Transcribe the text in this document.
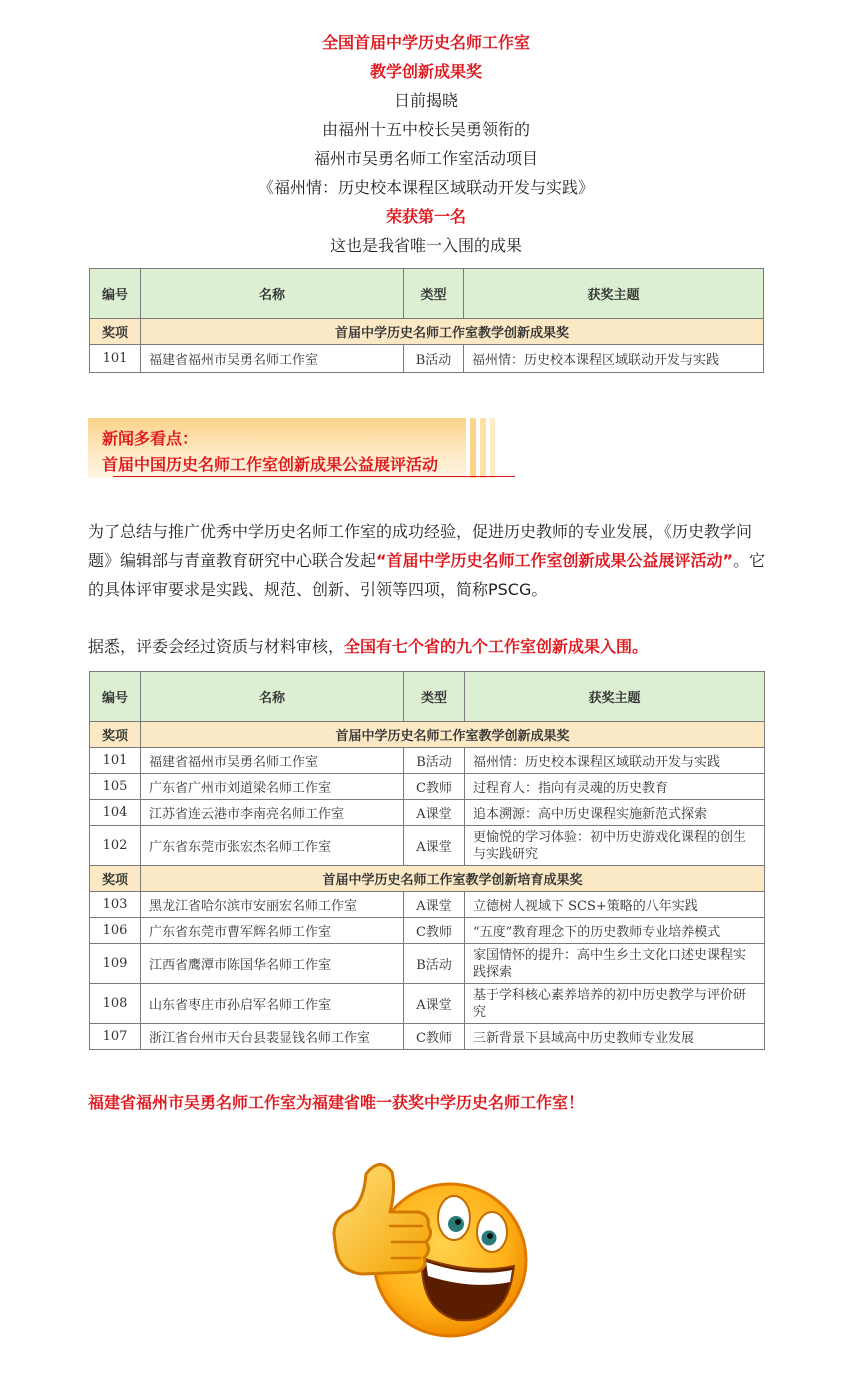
全国首届中学历史名师工作室
教学创新成果奖
日前揭晓
由福州十五中校长吴勇领衔的
福州市吴勇名师工作室活动项目
《福州情：历史校本课程区域联动开发与实践》
荣获第一名
这也是我省唯一入围的成果
编号	名称	类型	获奖主题
奖项	首届中学历史名师工作室教学创新成果奖		
101	福建省福州市吴勇名师工作室	B活动	福州情：历史校本课程区域联动开发与实践

新闻多看点：
首届中国历史名师工作室创新成果公益展评活动
为了总结与推广优秀中学历史名师工作室的成功经验，促进历史教师的专业发展，《历史教学问题》编辑部与青童教育研究中心联合发起“首届中学历史名师工作室创新成果公益展评活动”。它的具体评审要求是实践、规范、创新、引领等四项，简称PSCG。
据悉，评委会经过资质与材料审核，全国有七个省的九个工作室创新成果入围。
编号	名称	类型	获奖主题
奖项	首届中学历史名师工作室教学创新成果奖		
101	福建省福州市吴勇名师工作室	B活动	福州情：历史校本课程区域联动开发与实践
105	广东省广州市刘道梁名师工作室	C教师	过程育人：指向有灵魂的历史教育
104	江苏省连云港市李南亮名师工作室	A课堂	追本溯源：高中历史课程实施新范式探索
102	广东省东莞市张宏杰名师工作室	A课堂	更愉悦的学习体验：初中历史游戏化课程的创生与实践研究
奖项	首届中学历史名师工作室教学创新培育成果奖		
103	黑龙江省哈尔滨市安丽宏名师工作室	A课堂	立德树人视域下 SCS+策略的八年实践
106	广东省东莞市曹军辉名师工作室	C教师	“五度”教育理念下的历史教师专业培养模式
109	江西省鹰潭市陈国华名师工作室	B活动	家国情怀的提升：高中生乡土文化口述史课程实践探索
108	山东省枣庄市孙启军名师工作室	A课堂	基于学科核心素养培养的初中历史教学与评价研究
107	浙江省台州市天台县裴显钱名师工作室	C教师	三新背景下县域高中历史教师专业发展
福建省福州市吴勇名师工作室为福建省唯一获奖中学历史名师工作室！
